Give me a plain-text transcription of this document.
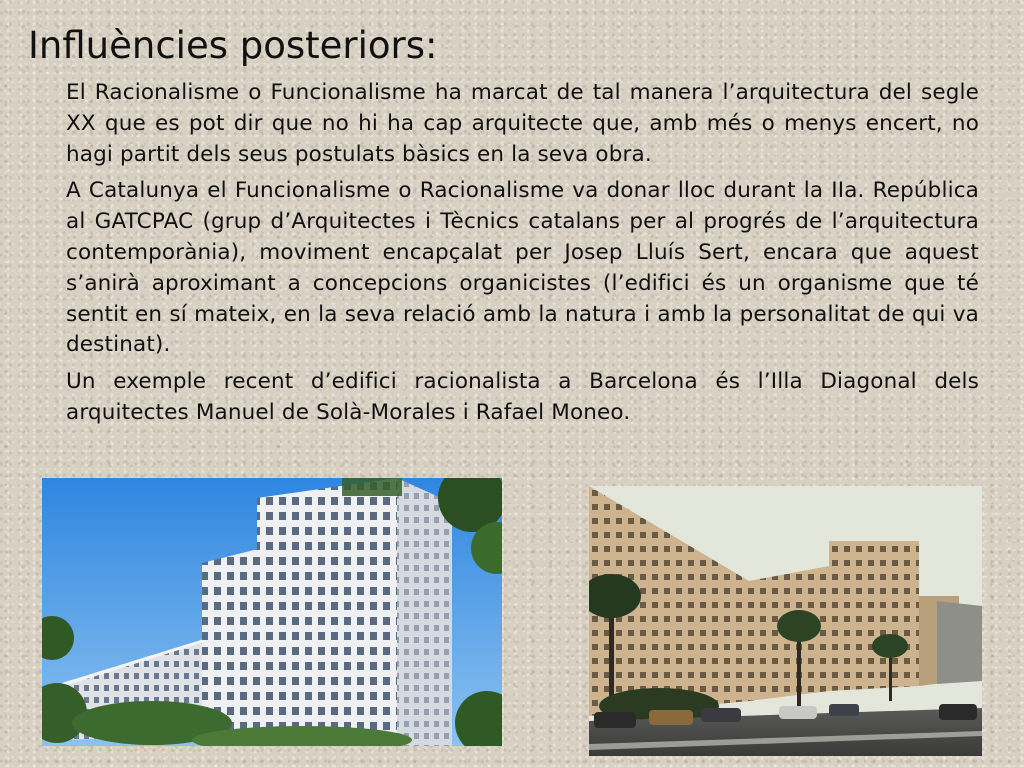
Influències posteriors:

El Racionalisme o Funcionalisme ha marcat de tal manera l’arquitectura del segle XX que es pot dir que no hi ha cap arquitecte que, amb més o menys encert, no hagi partit dels seus postulats bàsics en la seva obra.

A Catalunya el Funcionalisme o Racionalisme va donar lloc durant la IIa. República al GATCPAC (grup d’Arquitectes i Tècnics catalans per al progrés de l’arquitectura contemporània), moviment encapçalat per Josep Lluís Sert, encara que aquest s’anirà aproximant a concepcions organicistes (l’edifici és un organisme que té sentit en sí mateix, en la seva relació amb la natura i amb la personalitat de qui va destinat).

Un exemple recent d’edifici racionalista a Barcelona és l’Illa Diagonal dels arquitectes Manuel de Solà-Morales i Rafael Moneo.
